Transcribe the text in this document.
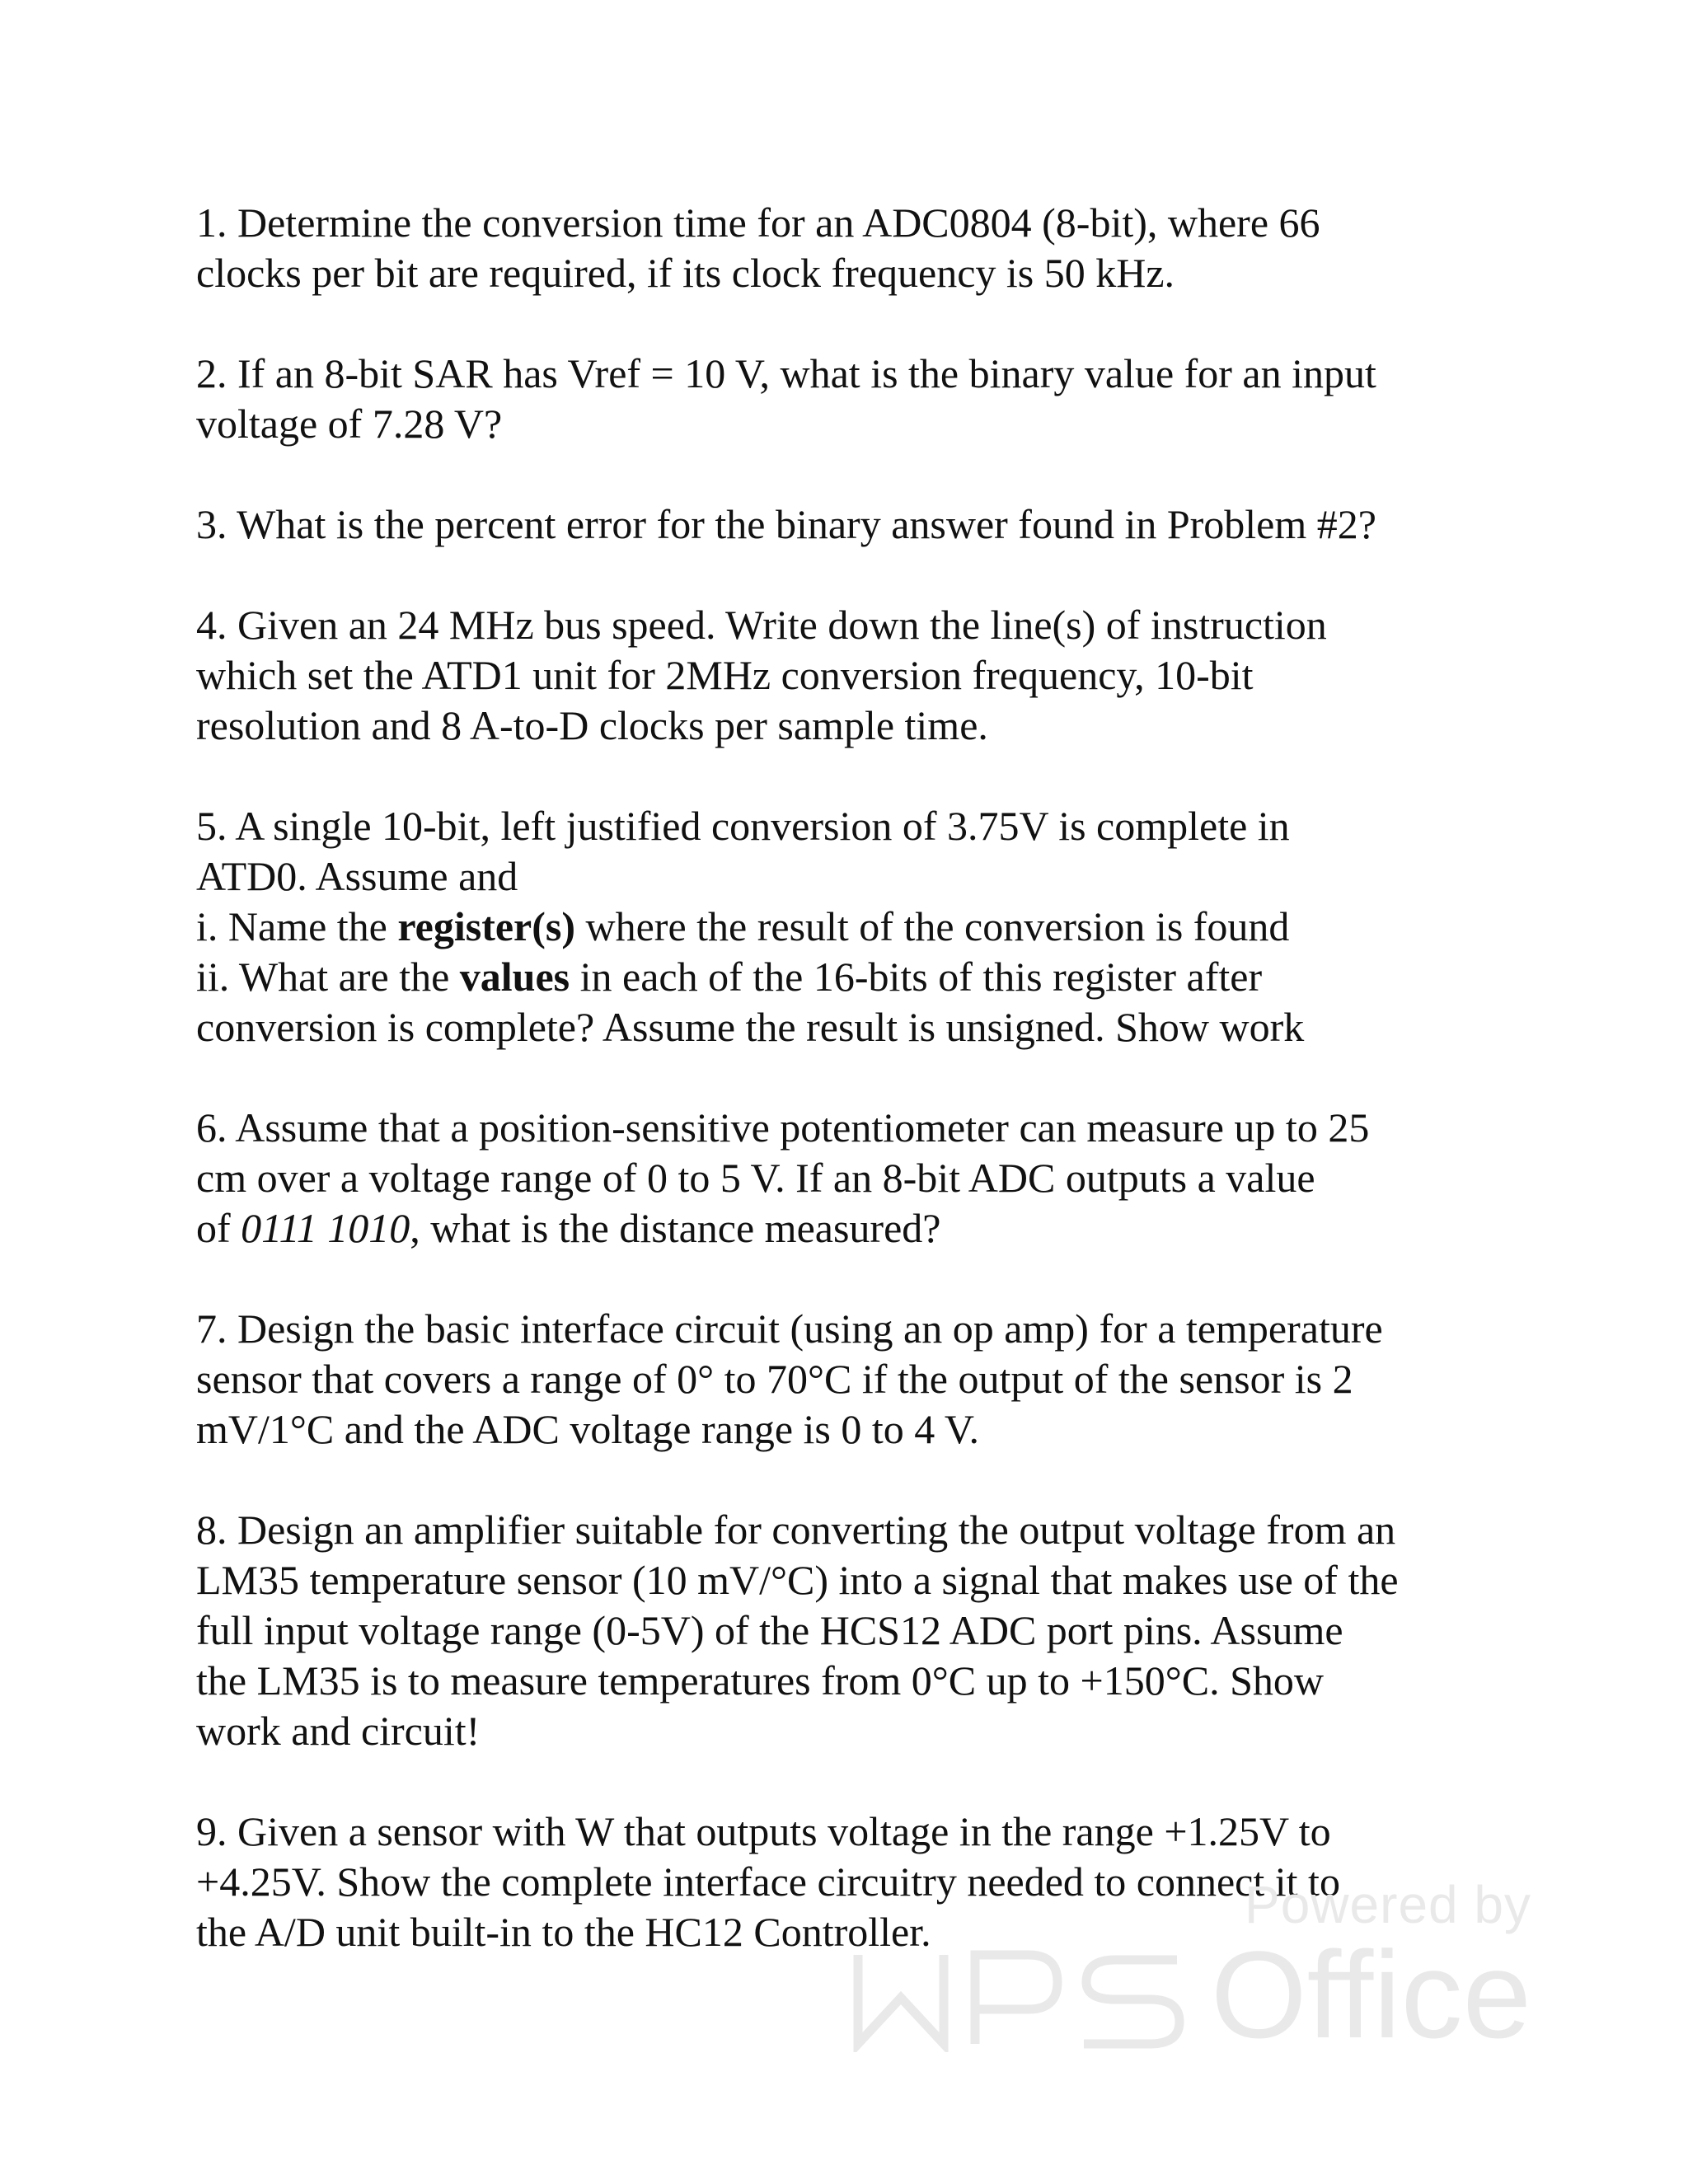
1. Determine the conversion time for an ADC0804 (8-bit), where 66
clocks per bit are required, if its clock frequency is 50 kHz.
2. If an 8-bit SAR has Vref = 10 V, what is the binary value for an input
voltage of 7.28 V?
3. What is the percent error for the binary answer found in Problem #2?
4. Given an 24 MHz bus speed. Write down the line(s) of instruction
which set the ATD1 unit for 2MHz conversion frequency, 10-bit
resolution and 8 A-to-D clocks per sample time.
5. A single 10-bit, left justified conversion of 3.75V is complete in
ATD0. Assume and
i. Name the register(s) where the result of the conversion is found
ii. What are the values in each of the 16-bits of this register after
conversion is complete? Assume the result is unsigned. Show work
6. Assume that a position-sensitive potentiometer can measure up to 25
cm over a voltage range of 0 to 5 V. If an 8-bit ADC outputs a value
of 0111 1010, what is the distance measured?
7. Design the basic interface circuit (using an op amp) for a temperature
sensor that covers a range of 0° to 70°C if the output of the sensor is 2
mV/1°C and the ADC voltage range is 0 to 4 V.
8. Design an amplifier suitable for converting the output voltage from an
LM35 temperature sensor (10 mV/°C) into a signal that makes use of the
full input voltage range (0-5V) of the HCS12 ADC port pins. Assume
the LM35 is to measure temperatures from 0°C up to +150°C. Show
work and circuit!
9. Given a sensor with W that outputs voltage in the range +1.25V to
+4.25V. Show the complete interface circuitry needed to connect it to
the A/D unit built-in to the HC12 Controller.	Powered by
Office
